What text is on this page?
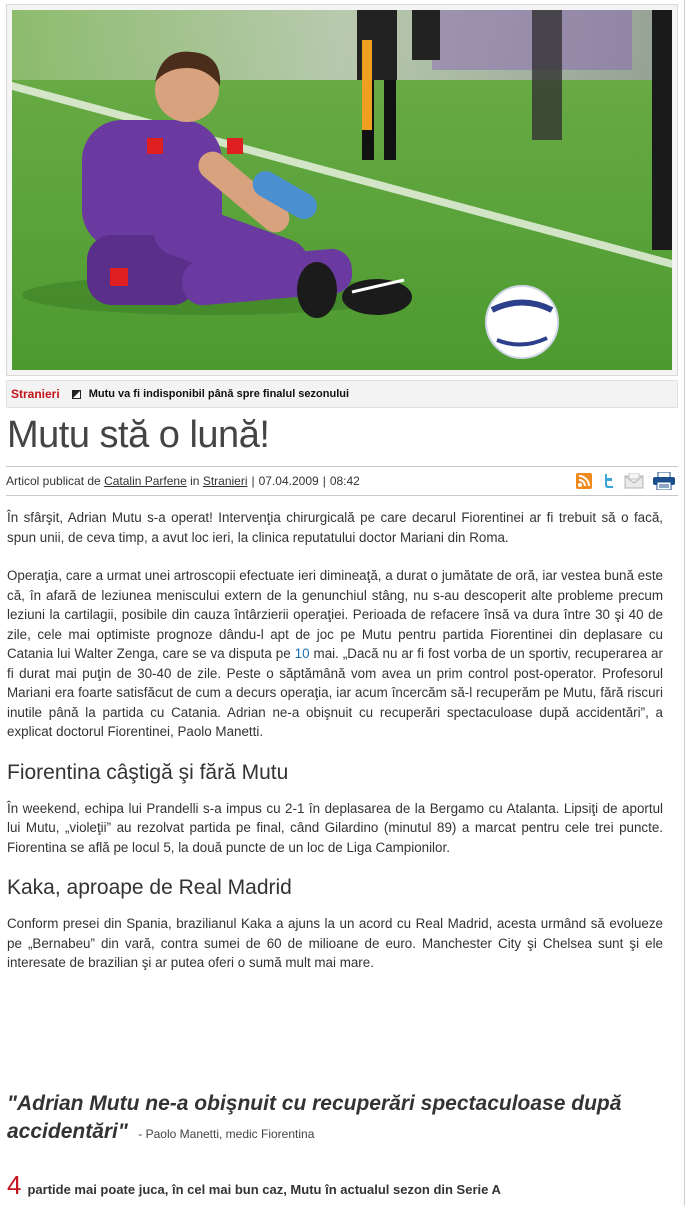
Stranieri	Mutu va fi indisponibil până spre finalul sezonului
Mutu stă o lună!
Articol publicat de
Catalin Parfene
in
Stranieri | 07.04.2009 | 08:42

În sfârşit, Adrian Mutu s-a operat! Intervenţia chirurgicală pe care decarul Fiorentinei ar fi trebuit să o facă, spun unii, de ceva timp, a avut loc ieri, la clinica reputatului doctor Mariani din Roma.

Operaţia, care a urmat unei artroscopii efectuate ieri dimineaţă, a durat o jumătate de oră, iar vestea bună este că, în afară de leziunea meniscului extern de la genunchiul stâng, nu s-au descoperit alte probleme precum leziuni la cartilagii, posibile din cauza întârzierii operaţiei. Perioada de refacere însă va dura între 30 şi 40 de zile, cele mai optimiste prognoze dându-l apt de joc pe Mutu pentru partida Fiorentinei din deplasare cu Catania lui Walter Zenga, care se va disputa pe 10 mai. „Dacă nu ar fi fost vorba de un sportiv, recuperarea ar fi durat mai puţin de 30-40 de zile. Peste o săptămână vom avea un prim control post-operator. Profesorul Mariani era foarte satisfăcut de cum a decurs operaţia, iar acum încercăm să-l recuperăm pe Mutu, fără riscuri inutile până la partida cu Catania. Adrian ne-a obişnuit cu recuperări spectaculoase după accidentări”, a explicat doctorul Fiorentinei, Paolo Manetti.

Fiorentina câştigă şi fără Mutu

În weekend, echipa lui Prandelli s-a impus cu 2-1 în deplasarea de la Bergamo cu Atalanta. Lipsiţi de aportul lui Mutu, „violeţii” au rezolvat partida pe final, când Gilardino (minutul 89) a marcat pentru cele trei puncte. Fiorentina se află pe locul 5, la două puncte de un loc de Liga Campionilor.

Kaka, aproape de Real Madrid

Conform presei din Spania, brazilianul Kaka a ajuns la un acord cu Real Madrid, acesta urmând să evolueze pe „Bernabeu” din vară, contra sumei de 60 de milioane de euro. Manchester City şi Chelsea sunt şi ele interesate de brazilian şi ar putea oferi o sumă mult mai mare.

"Adrian Mutu ne-a obişnuit cu recuperări spectaculoase după accidentări" - Paolo Manetti, medic Fiorentina
4 partide mai poate juca, în cel mai bun caz, Mutu în actualul sezon din Serie A
